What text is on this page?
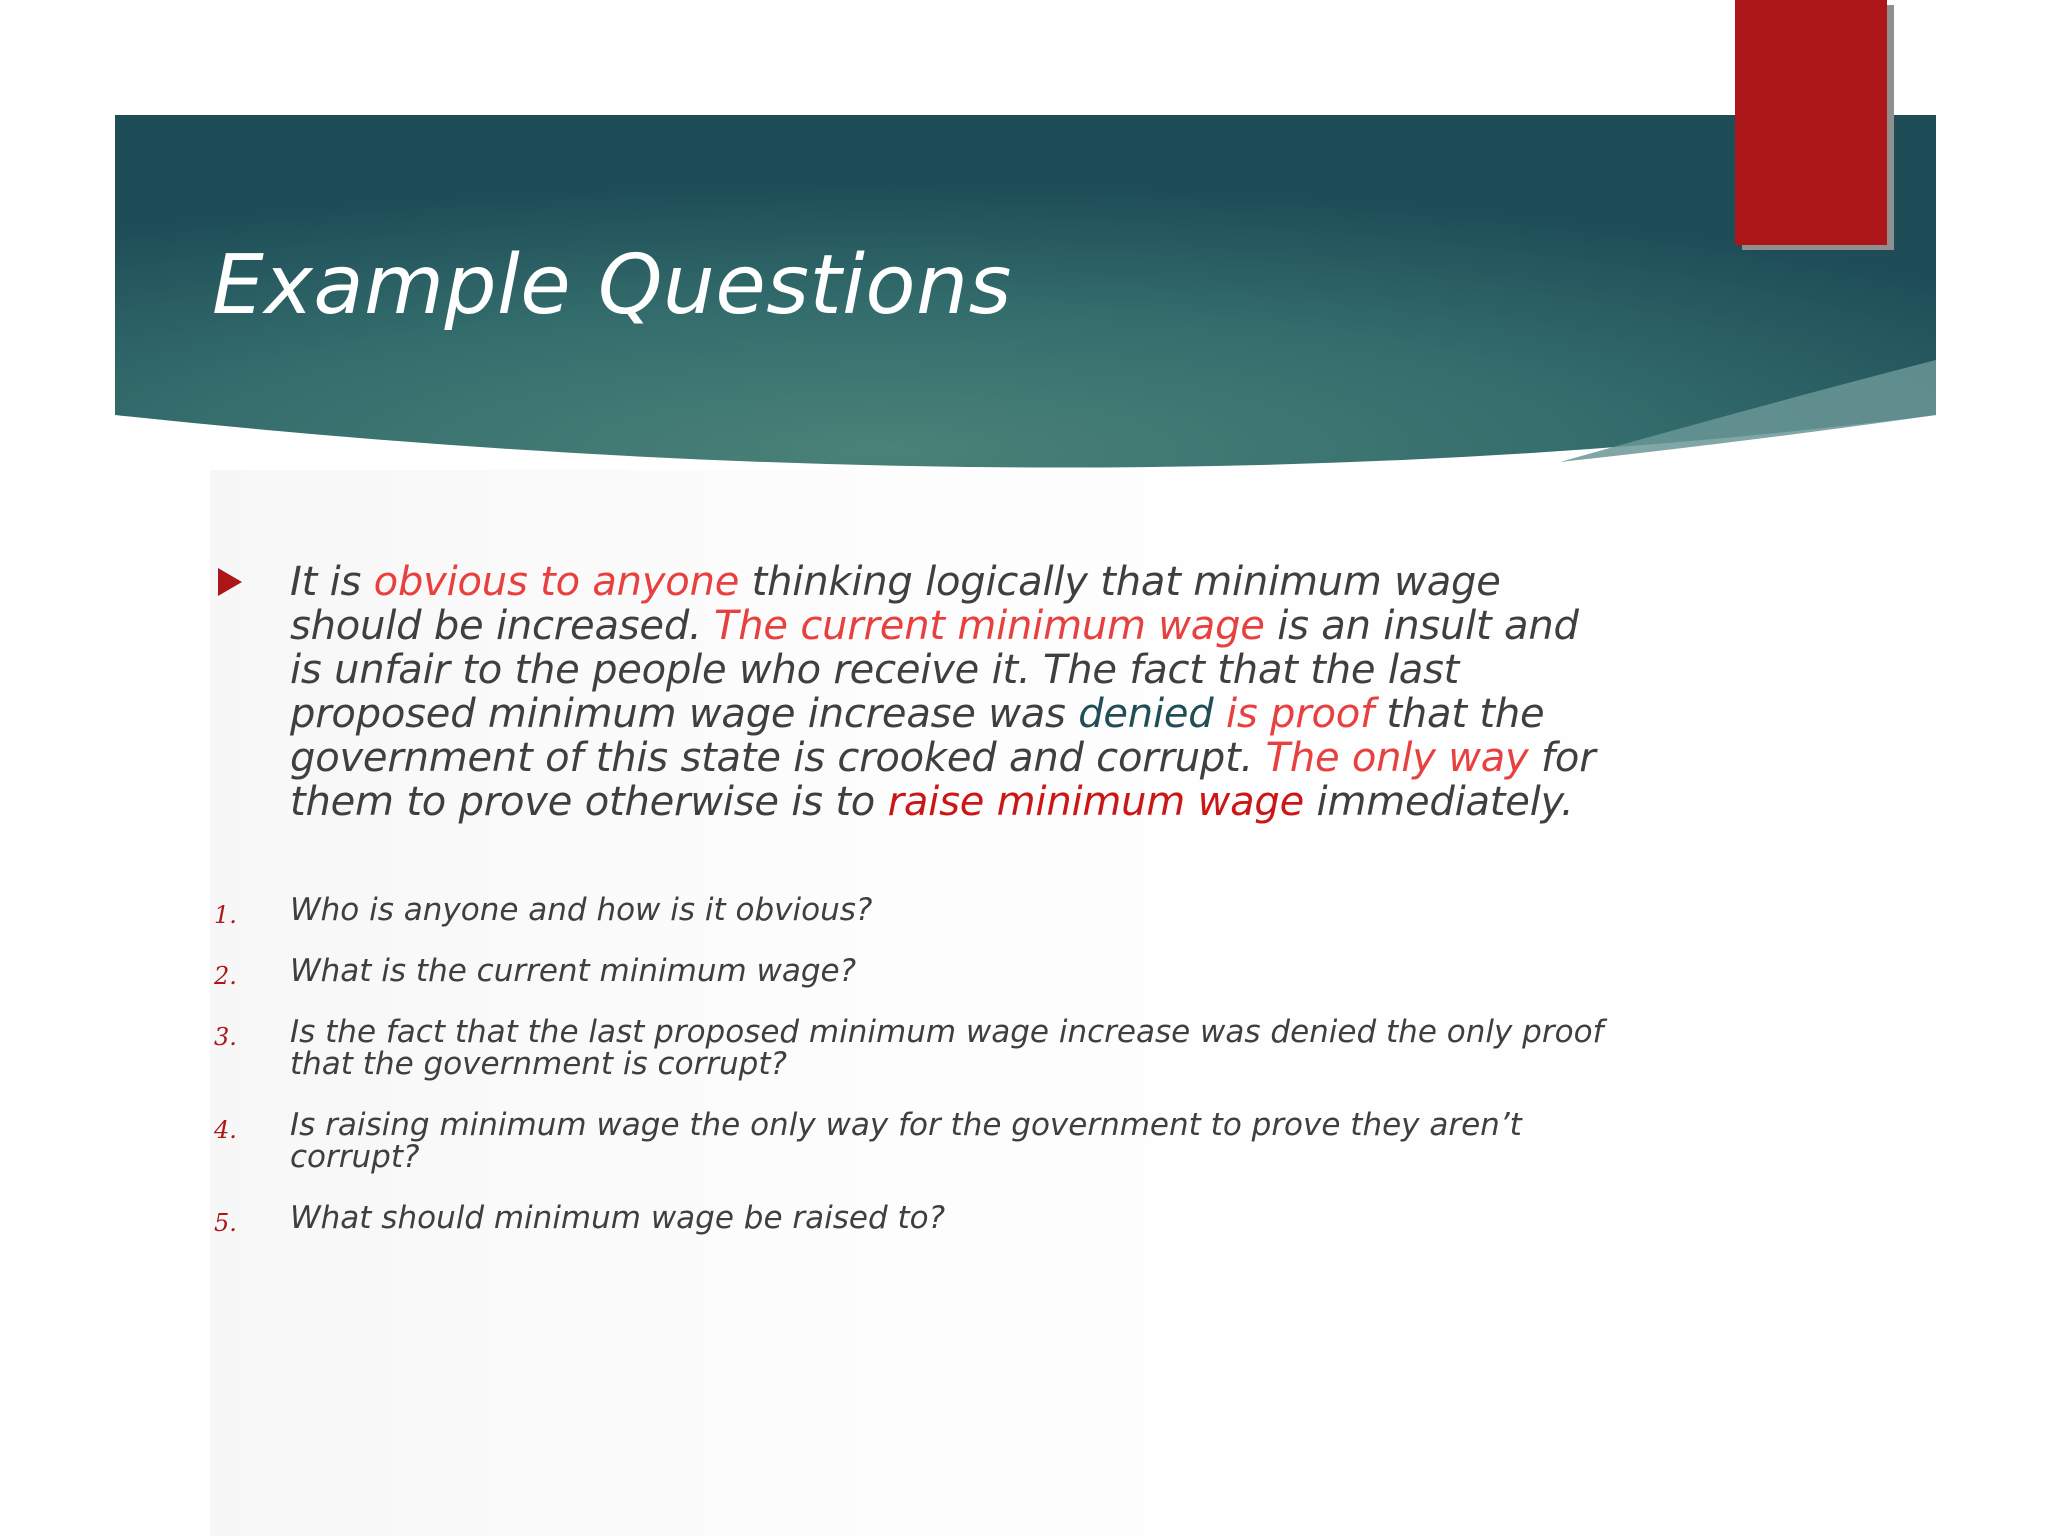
Example Questions

It is obvious to anyone thinking logically that minimum wage should be increased. The current minimum wage is an insult and is unfair to the people who receive it. The fact that the last proposed minimum wage increase was denied is proof that the government of this state is crooked and corrupt. The only way for them to prove otherwise is to raise minimum wage immediately.

1. Who is anyone and how is it obvious?
2. What is the current minimum wage?
3. Is the fact that the last proposed minimum wage increase was denied the only proof that the government is corrupt?
4. Is raising minimum wage the only way for the government to prove they aren’t corrupt?
5. What should minimum wage be raised to?
